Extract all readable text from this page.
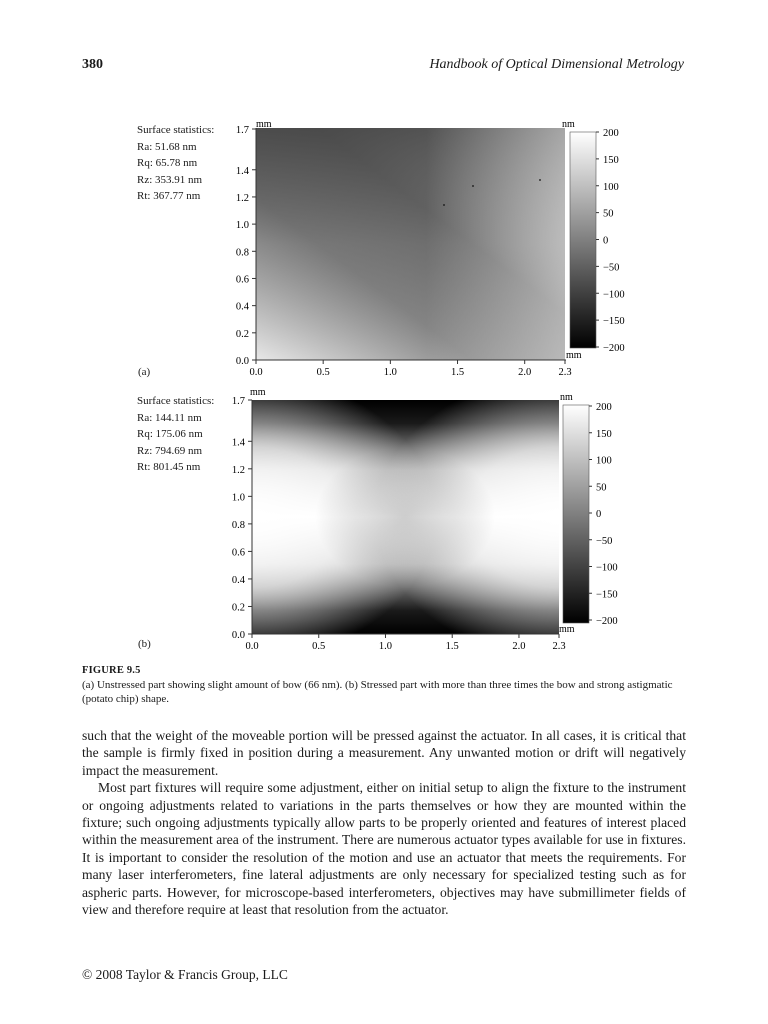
380	Handbook of Optical Dimensional Metrology
Surface statistics:
Ra: 51.68 nm
Rq: 65.78 nm
Rz: 353.91 nm
Rt: 367.77 nm
(a)
1.7
1.4
1.2
1.0
0.8
0.6
0.4
0.2
0.0
0.0	0.5	1.0	1.5	2.0	2.3
mm	nm
mm
200
150
100
50
0
−50
−100
−150
−200
1.7
1.4
1.2
1.0
0.8
0.6
0.4
0.2
0.0
0.0	0.5	1.0	1.5	2.0	2.3
mm	nm
mm
200
150
100
50
0
−50
−100
−150
−200
Surface statistics:
Ra: 144.11 nm
Rq: 175.06 nm
Rz: 794.69 nm
Rt: 801.45 nm
(b)
FIGURE 9.5
(a) Unstressed part showing slight amount of bow (66 nm). (b) Stressed part with more than three times the bow and strong astigmatic (potato chip) shape.

such that the weight of the moveable portion will be pressed against the actuator. In all cases, it is critical that the sample is firmly fixed in position during a measurement. Any unwanted motion or drift will negatively impact the measurement.

Most part fixtures will require some adjustment, either on initial setup to align the fixture to the instrument or ongoing adjustments related to variations in the parts themselves or how they are mounted within the fixture; such ongoing adjustments typically allow parts to be properly oriented and features of interest placed within the measurement area of the instrument. There are numerous actuator types available for use in fixtures. It is important to consider the resolution of the motion and use an actuator that meets the requirements. For many laser interferometers, fine lateral adjustments are only necessary for specialized testing such as for aspheric parts. However, for microscope-based interferometers, objectives may have submillimeter fields of view and therefore require at least that resolution from the actuator.

© 2008 Taylor & Francis Group, LLC
